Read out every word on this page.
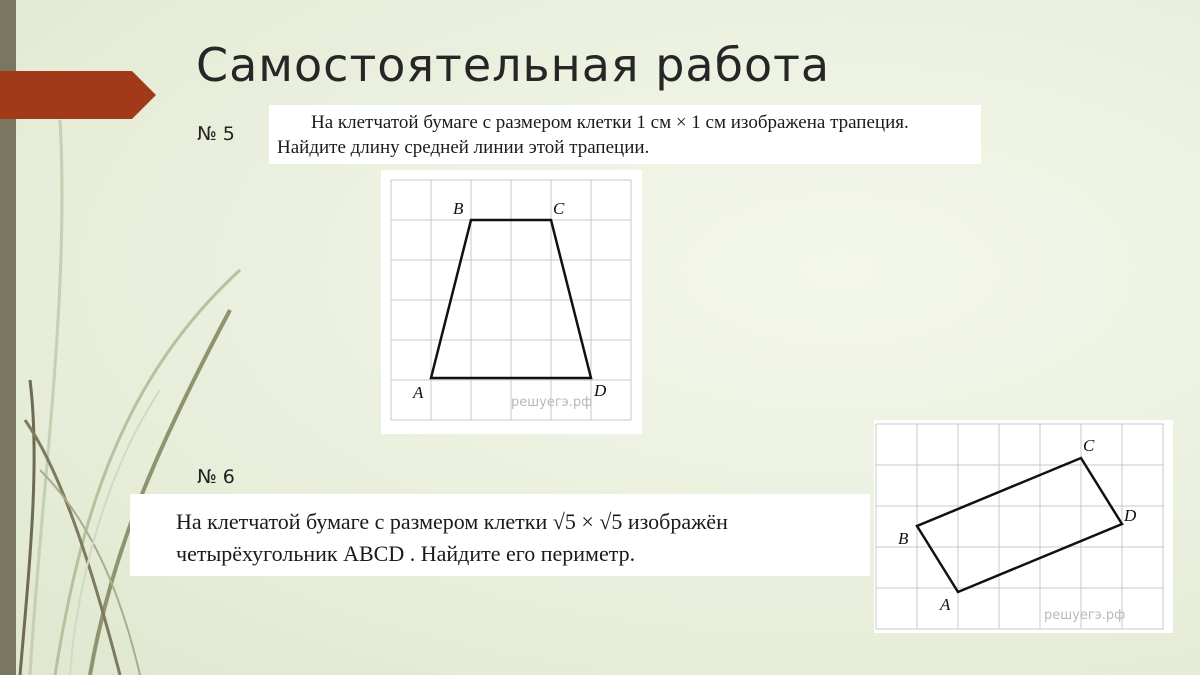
Самостоятельная работа
№ 5
На клетчатой бумаге с размером клетки 1 см × 1 см изображена трапеция.
Найдите длину средней линии этой трапеции.
B	C
A	D
решуегэ.рф
№ 6
На клетчатой бумаге с размером клетки √5 × √5 изображён
четырёхугольник ABCD . Найдите его периметр.
C
D
B
A
решуегэ.рф
